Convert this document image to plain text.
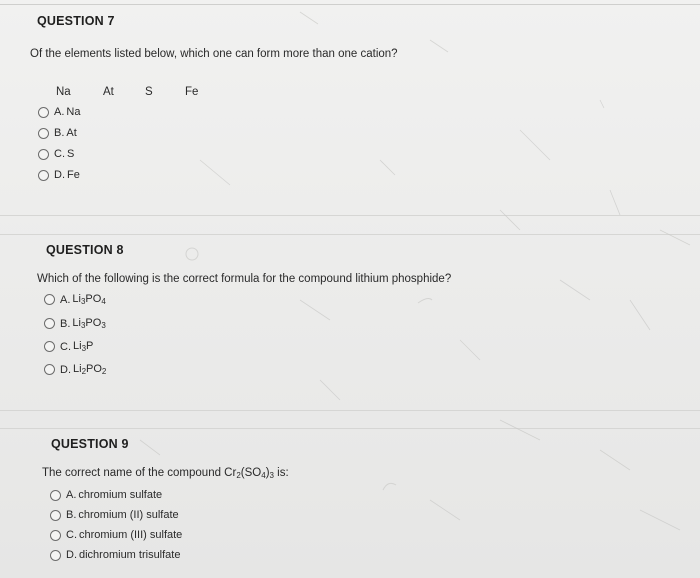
QUESTION 7
Of the elements listed below, which one can form more than one cation?
Na	At	S	Fe
A. Na
B. At
C. S
D. Fe
QUESTION 8
Which of the following is the correct formula for the compound lithium phosphide?
A. $Li_3PO_4$
B. $Li_3PO_3$
C. $Li_3P$
D. $Li_2PO_2$
QUESTION 9
The correct name of the compound $Cr_2(SO_4)_3$ is:
A. chromium sulfate
B. chromium (II) sulfate
C. chromium (III) sulfate
D. dichromium trisulfate
